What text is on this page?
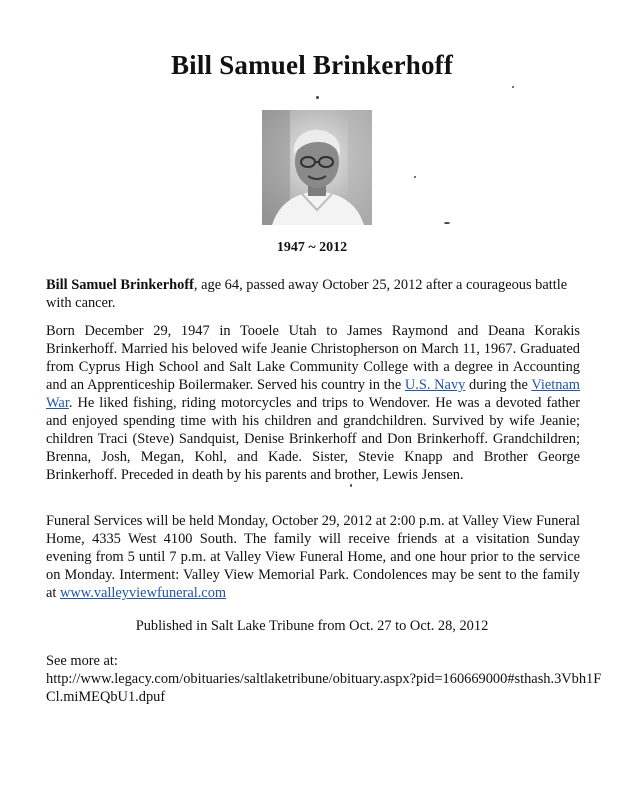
Bill Samuel Brinkerhoff
1947 ~ 2012
Bill Samuel Brinkerhoff, age 64, passed away October 25, 2012 after a courageous battle with cancer.
Born December 29, 1947 in Tooele Utah to James Raymond and Deana Korakis Brinkerhoff. Married his beloved wife Jeanie Christopherson on March 11, 1967. Graduated from Cyprus High School and Salt Lake Community College with a degree in Accounting and an Apprenticeship Boilermaker. Served his country in the U.S. Navy during the Vietnam War. He liked fishing, riding motorcycles and trips to Wendover. He was a devoted father and enjoyed spending time with his children and grandchildren. Survived by wife Jeanie; children Traci (Steve) Sandquist, Denise Brinkerhoff and Don Brinkerhoff. Grandchildren; Brenna, Josh, Megan, Kohl, and Kade. Sister, Stevie Knapp and Brother George Brinkerhoff. Preceded in death by his parents and brother, Lewis Jensen.
Funeral Services will be held Monday, October 29, 2012 at 2:00 p.m. at Valley View Funeral Home, 4335 West 4100 South. The family will receive friends at a visitation Sunday evening from 5 until 7 p.m. at Valley View Funeral Home, and one hour prior to the service on Monday. Interment: Valley View Memorial Park. Condolences may be sent to the family at www.valleyviewfuneral.com
Published in Salt Lake Tribune from Oct. 27 to Oct. 28, 2012
See more at:
http://www.legacy.com/obituaries/saltlaketribune/obituary.aspx?pid=160669000#sthash.3Vbh1FCl.miMEQbU1.dpuf
